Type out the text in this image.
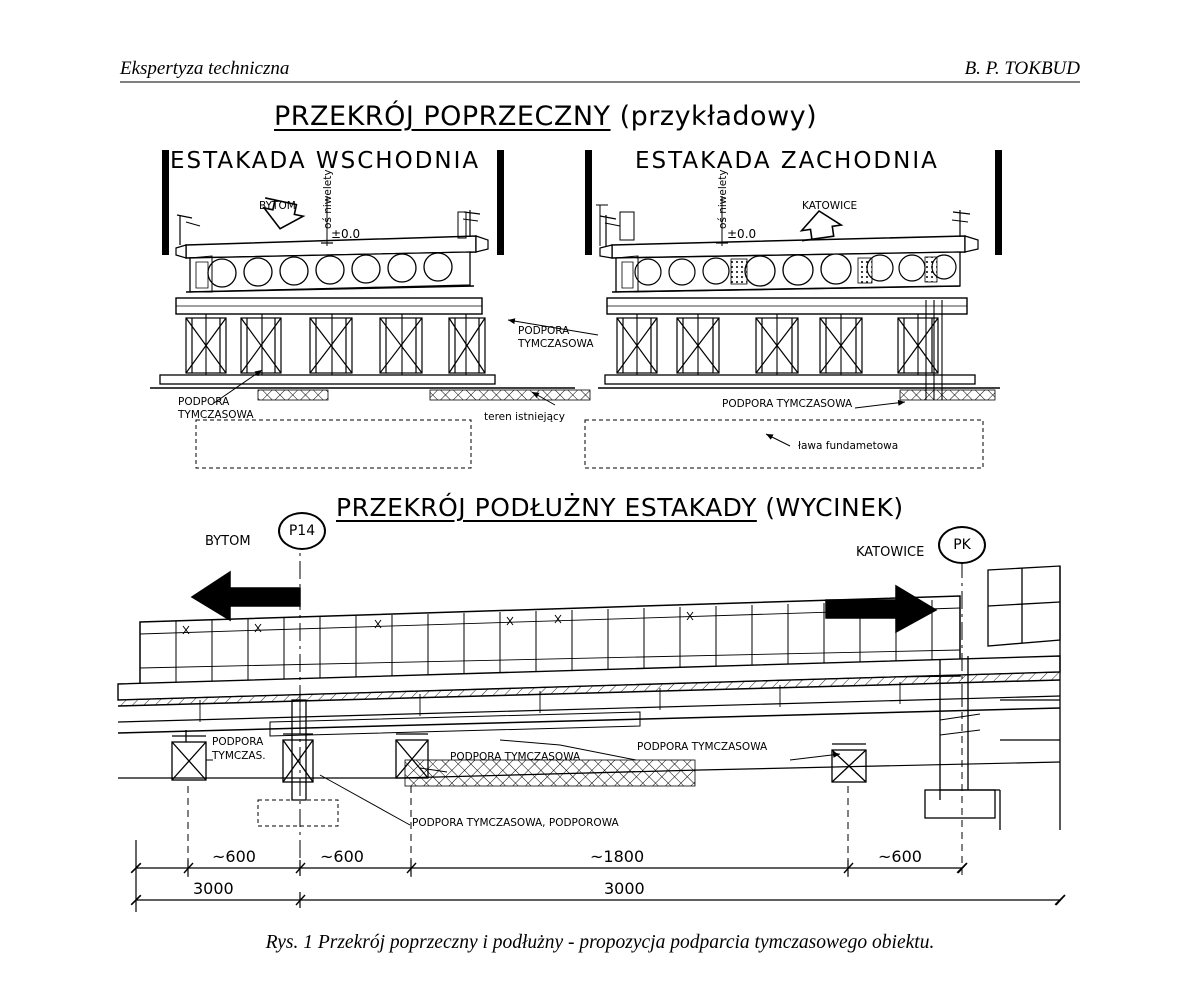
Ekspertyza techniczna	B. P. TOKBUD
PRZEKRÓJ POPRZECZNY (przykładowy)
ESTAKADA WSCHODNIA	ESTAKADA ZACHODNIA
PRZEKRÓJ PODŁUŻNY ESTAKADY (WYCINEK)
BYTOM oś niwelety
±0.0
KATOWICE
oś niwelety
±0.0
PODPORA
TYMCZASOWA
PODPORA
TYMCZASOWA
teren istniejący
PODPORA TYMCZASOWA
ława fundametowa
BYTOM
KATOWICE
P14
PK
PODPORA
TYMCZAS.	PODPORA TYMCZASOWA
PODPORA TYMCZASOWA
PODPORA TYMCZASOWA, PODPOROWA
~600	~600	~1800	~600
3000	3000
Rys. 1 Przekrój poprzeczny i podłużny - propozycja podparcia tymczasowego obiektu.
